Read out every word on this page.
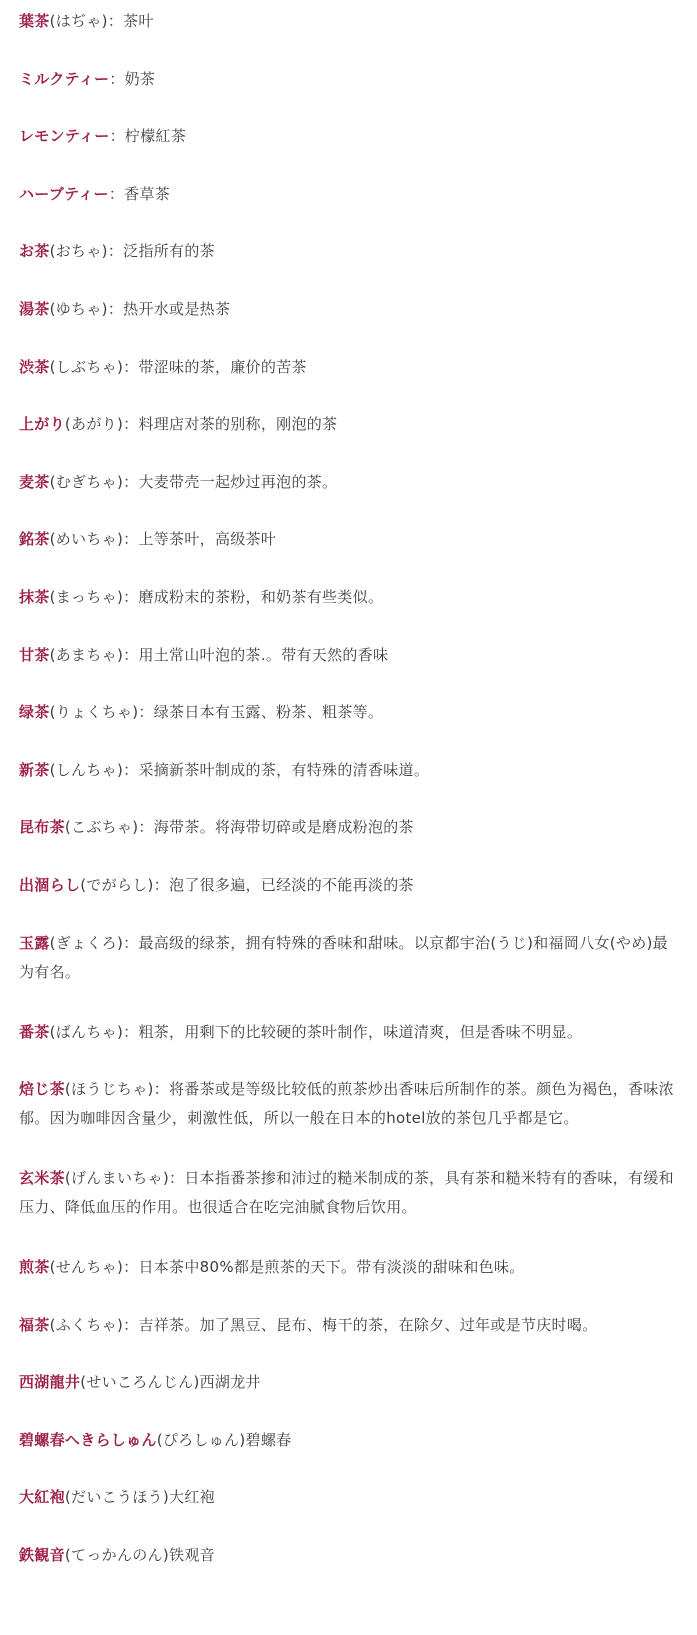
葉茶(はぢゃ)：茶叶

ミルクティー：奶茶

レモンティー：柠檬紅茶

ハーブティー：香草茶

お茶(おちゃ)：泛指所有的茶

湯茶(ゆちゃ)：热开水或是热茶

渋茶(しぶちゃ)：带涩味的茶，廉价的苦茶

上がり(あがり)：料理店对茶的别称，刚泡的茶

麦茶(むぎちゃ)：大麦带壳一起炒过再泡的茶。

銘茶(めいちゃ)：上等茶叶，高级茶叶

抹茶(まっちゃ)：磨成粉末的茶粉，和奶茶有些类似。

甘茶(あまちゃ)：用土常山叶泡的茶.。带有天然的香味

绿茶(りょくちゃ)：绿茶日本有玉露、粉茶、粗茶等。

新茶(しんちゃ)：采摘新茶叶制成的茶，有特殊的清香味道。

昆布茶(こぶちゃ)：海带茶。将海带切碎或是磨成粉泡的茶

出涸らし(でがらし)：泡了很多遍，已经淡的不能再淡的茶

玉露(ぎょくろ)：最高级的绿茶，拥有特殊的香味和甜味。以京都宇治(うじ)和福岡八女(やめ)最为有名。

番茶(ばんちゃ)：粗茶，用剩下的比较硬的茶叶制作，味道清爽，但是香味不明显。

焙じ茶(ほうじちゃ)：将番茶或是等级比较低的煎茶炒出香味后所制作的茶。颜色为褐色，香味浓郁。因为咖啡因含量少，刺激性低，所以一般在日本的hotel放的茶包几乎都是它。

玄米茶(げんまいちゃ)：日本指番茶掺和沛过的糙米制成的茶，具有茶和糙米特有的香味，有缓和压力、降低血压的作用。也很适合在吃完油腻食物后饮用。

煎茶(せんちゃ)：日本茶中80%都是煎茶的天下。带有淡淡的甜味和色味。

福茶(ふくちゃ)：吉祥茶。加了黑豆、昆布、梅干的茶，在除夕、过年或是节庆时喝。

西湖龍井(せいころんじん)西湖龙井

碧螺春へきらしゅん(ぴろしゅん)碧螺春

大紅袍(だいこうほう)大红袍

鉄観音(てっかんのん)铁观音
